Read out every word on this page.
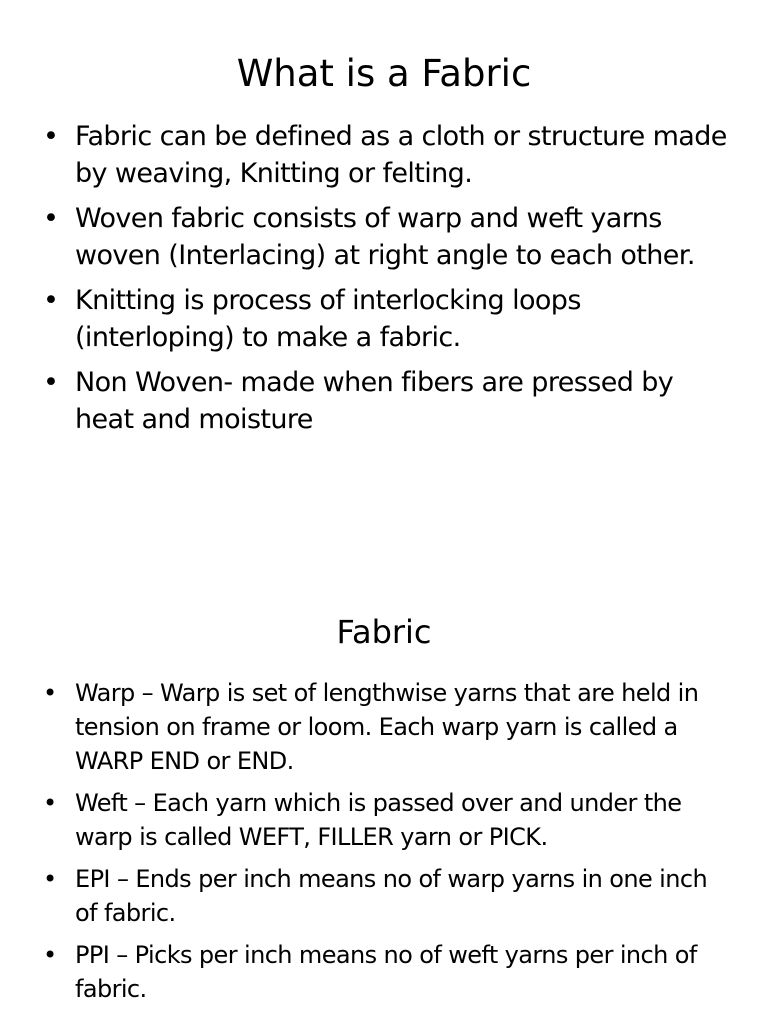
What is a Fabric
• Fabric can be defined as a cloth or structure made by weaving, Knitting or felting.
• Woven fabric consists of warp and weft yarns woven (Interlacing) at right angle to each other.
• Knitting is process of interlocking loops (interloping) to make a fabric.
• Non Woven- made when fibers are pressed by heat and moisture
Fabric
• Warp – Warp is set of lengthwise yarns that are held in tension on frame or loom. Each warp yarn is called a WARP END or END.
• Weft – Each yarn which is passed over and under the warp is called WEFT, FILLER yarn or PICK.
• EPI – Ends per inch means no of warp yarns in one inch of fabric.
• PPI – Picks per inch means no of weft yarns per inch of fabric.
